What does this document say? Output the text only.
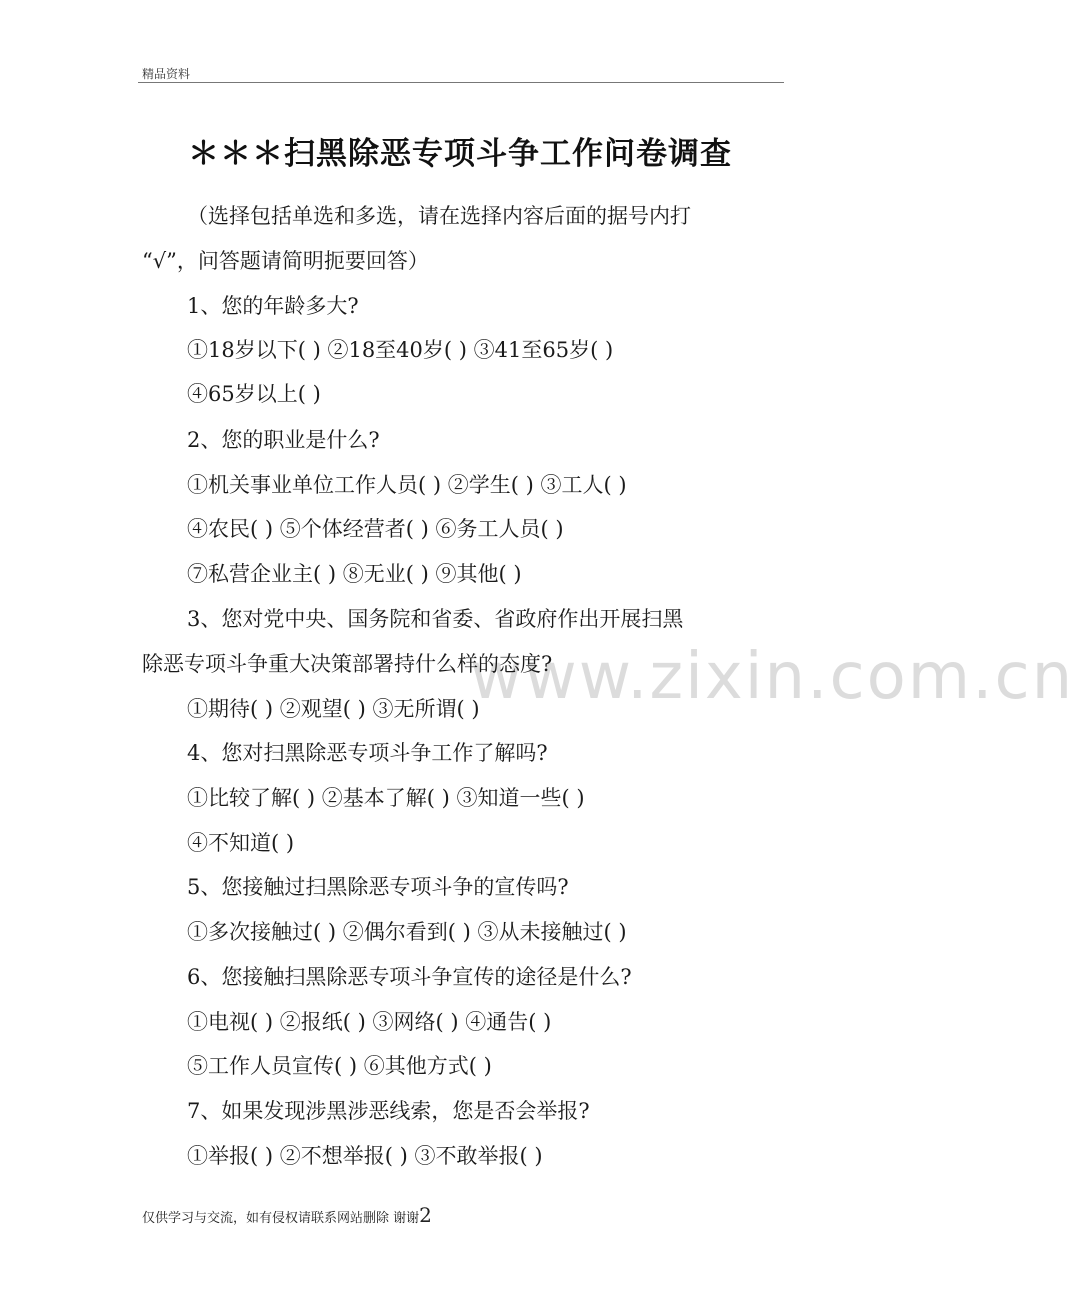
精品资料
＊＊＊扫黑除恶专项斗争工作问卷调查
（选择包括单选和多选，请在选择内容后面的据号内打
“√”，问答题请简明扼要回答）
www.zixin.com.cn
1、您的年龄多大?
①18岁以下( ) ②18至40岁( ) ③41至65岁( )
④65岁以上( )
2、您的职业是什么?
①机关事业单位工作人员( ) ②学生( ) ③工人( )
④农民( ) ⑤个体经营者( ) ⑥务工人员( )
⑦私营企业主( ) ⑧无业( ) ⑨其他( )
3、您对党中央、国务院和省委、省政府作出开展扫黑
除恶专项斗争重大决策部署持什么样的态度?
①期待( ) ②观望( ) ③无所谓( )
4、您对扫黑除恶专项斗争工作了解吗?
①比较了解( ) ②基本了解( ) ③知道一些( )
④不知道( )
5、您接触过扫黑除恶专项斗争的宣传吗?
①多次接触过( ) ②偶尔看到( ) ③从未接触过( )
6、您接触扫黑除恶专项斗争宣传的途径是什么?
①电视( ) ②报纸( ) ③网络( ) ④通告( )
⑤工作人员宣传( ) ⑥其他方式( )
7、如果发现涉黑涉恶线索，您是否会举报?
①举报( ) ②不想举报( ) ③不敢举报( )
仅供学习与交流，如有侵权请联系网站删除 谢谢2
